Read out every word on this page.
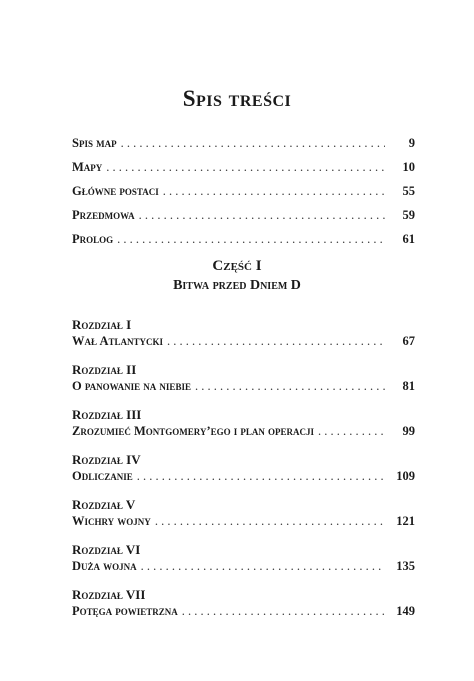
Spis treści
Spis map . . .	9
Mapy . . .	10
Główne postaci . . .	55
Przedmowa . . .	59
Prolog . . .	61
Część I
Bitwa przed Dniem D
Rozdział I
Wał Atlantycki . . .	67
Rozdział II
O panowanie na niebie . . .	81
Rozdział III
Zrozumieć Montgomery’ego i plan operacji . . .	99
Rozdział IV
Odliczanie . . .	109
Rozdział V
Wichry wojny . . .	121
Rozdział VI
Duża wojna . . .	135
Rozdział VII
Potęga powietrzna . . .	149
